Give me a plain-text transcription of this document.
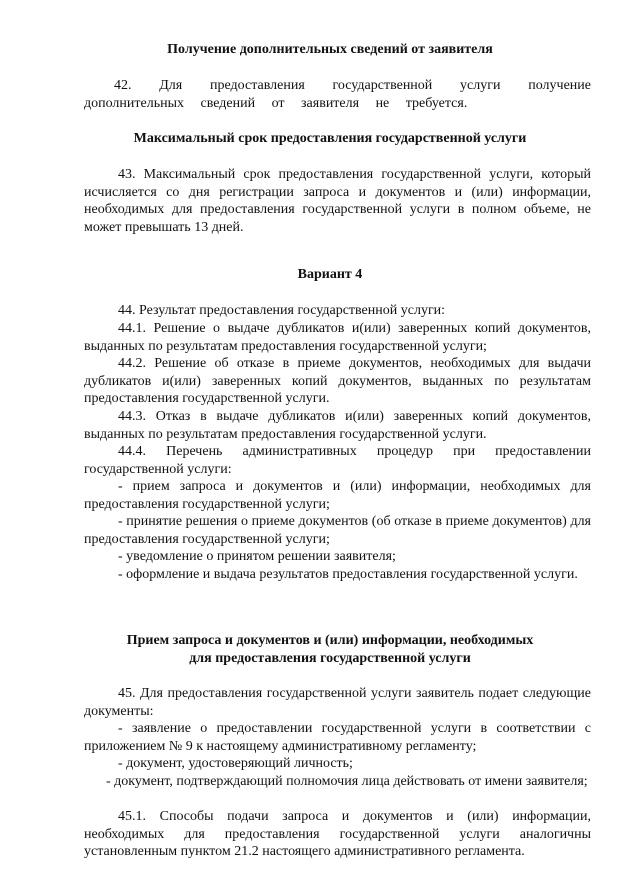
Получение дополнительных сведений от заявителя
42. Для предоставления государственной услуги получение дополнительных сведений от заявителя не требуется.
Максимальный срок предоставления государственной услуги
43. Максимальный срок предоставления государственной услуги, который исчисляется со дня регистрации запроса и документов и (или) информации, необходимых для предоставления государственной услуги в полном объеме, не может превышать 13 дней.
Вариант 4
44. Результат предоставления государственной услуги:
44.1. Решение о выдаче дубликатов и(или) заверенных копий документов, выданных по результатам предоставления государственной услуги;
44.2. Решение об отказе в приеме документов, необходимых для выдачи дубликатов и(или) заверенных копий документов, выданных по результатам предоставления государственной услуги.
44.3. Отказ в выдаче дубликатов и(или) заверенных копий документов, выданных по результатам предоставления государственной услуги.
44.4. Перечень административных процедур при предоставлении государственной услуги:
- прием запроса и документов и (или) информации, необходимых для предоставления государственной услуги;
- принятие решения о приеме документов (об отказе в приеме документов) для предоставления государственной услуги;
- уведомление о принятом решении заявителя;
- оформление и выдача результатов предоставления государственной услуги.
Прием запроса и документов и (или) информации, необходимых
для предоставления государственной услуги
45. Для предоставления государственной услуги заявитель подает следующие документы:
- заявление о предоставлении государственной услуги в соответствии с приложением № 9 к настоящему административному регламенту;
- документ, удостоверяющий личность;
- документ, подтверждающий полномочия лица действовать от имени заявителя;
45.1. Способы подачи запроса и документов и (или) информации, необходимых для предоставления государственной услуги аналогичны установленным пунктом 21.2 настоящего административного регламента.
